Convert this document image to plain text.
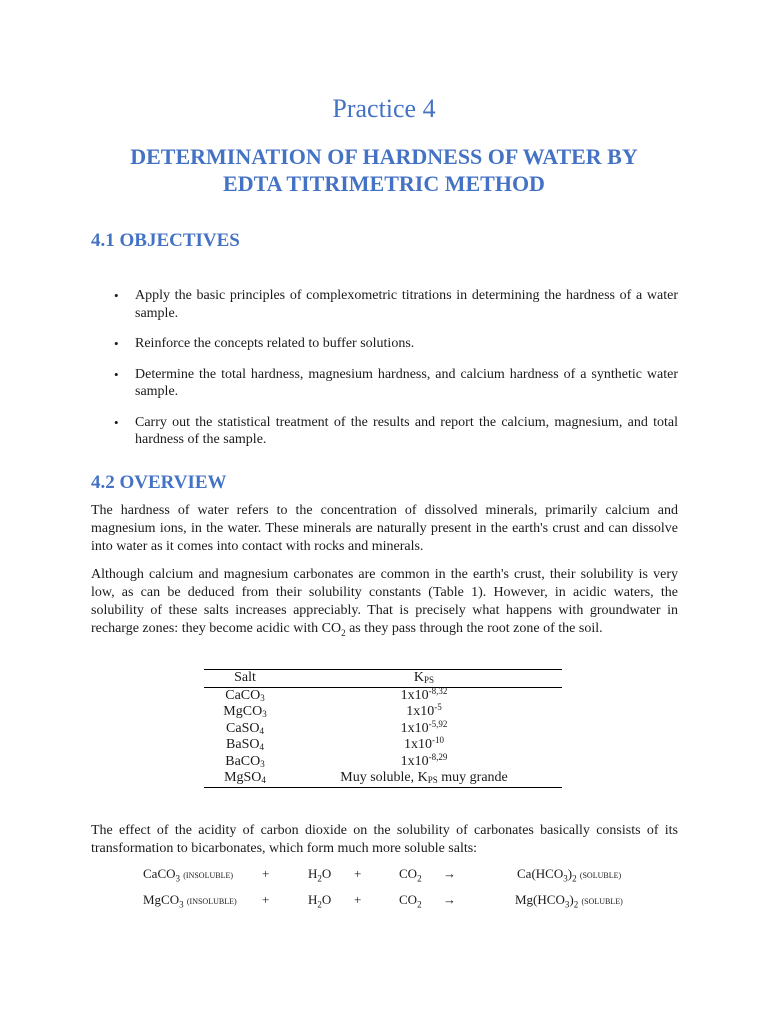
Practice 4
DETERMINATION OF HARDNESS OF WATER BY
EDTA TITRIMETRIC METHOD
4.1 OBJECTIVES
• Apply the basic principles of complexometric titrations in determining the hardness of a water sample.
• Reinforce the concepts related to buffer solutions.
• Determine the total hardness, magnesium hardness, and calcium hardness of a synthetic water sample.
• Carry out the statistical treatment of the results and report the calcium, magnesium, and total hardness of the sample.
4.2 OVERVIEW

The hardness of water refers to the concentration of dissolved minerals, primarily calcium and magnesium ions, in the water. These minerals are naturally present in the earth's crust and can dissolve into water as it comes into contact with rocks and minerals.

Although calcium and magnesium carbonates are common in the earth's crust, their solubility is very low, as can be deduced from their solubility constants (Table 1). However, in acidic waters, the solubility of these salts increases appreciably. That is precisely what happens with groundwater in recharge zones: they become acidic with $CO_2$ as they pass through the root zone of the soil.

Salt	$K_{PS}$
CaCO$_3$	$1x10^{-8,32}$
MgCO$_3$	$1x10^{-5}$
CaSO$_4$	$1x10^{-5,92}$
BaSO$_4$	$1x10^{-10}$
BaCO$_3$	$1x10^{-8,29}$
MgSO$_4$	Muy soluble, $K_{PS}$ muy grande

The effect of the acidity of carbon dioxide on the solubility of carbonates basically consists of its transformation to bicarbonates, which form much more soluble salts:

CaCO$_3$ (INSOLUBLE) +	$H_2O$ +	$CO_2$ →	$Ca(HCO_3)_2$ (SOLUBLE)
MgCO$_3$ (INSOLUBLE) +	$H_2O$ +	$CO_2$ →	$Mg(HCO_3)_2$ (SOLUBLE)
